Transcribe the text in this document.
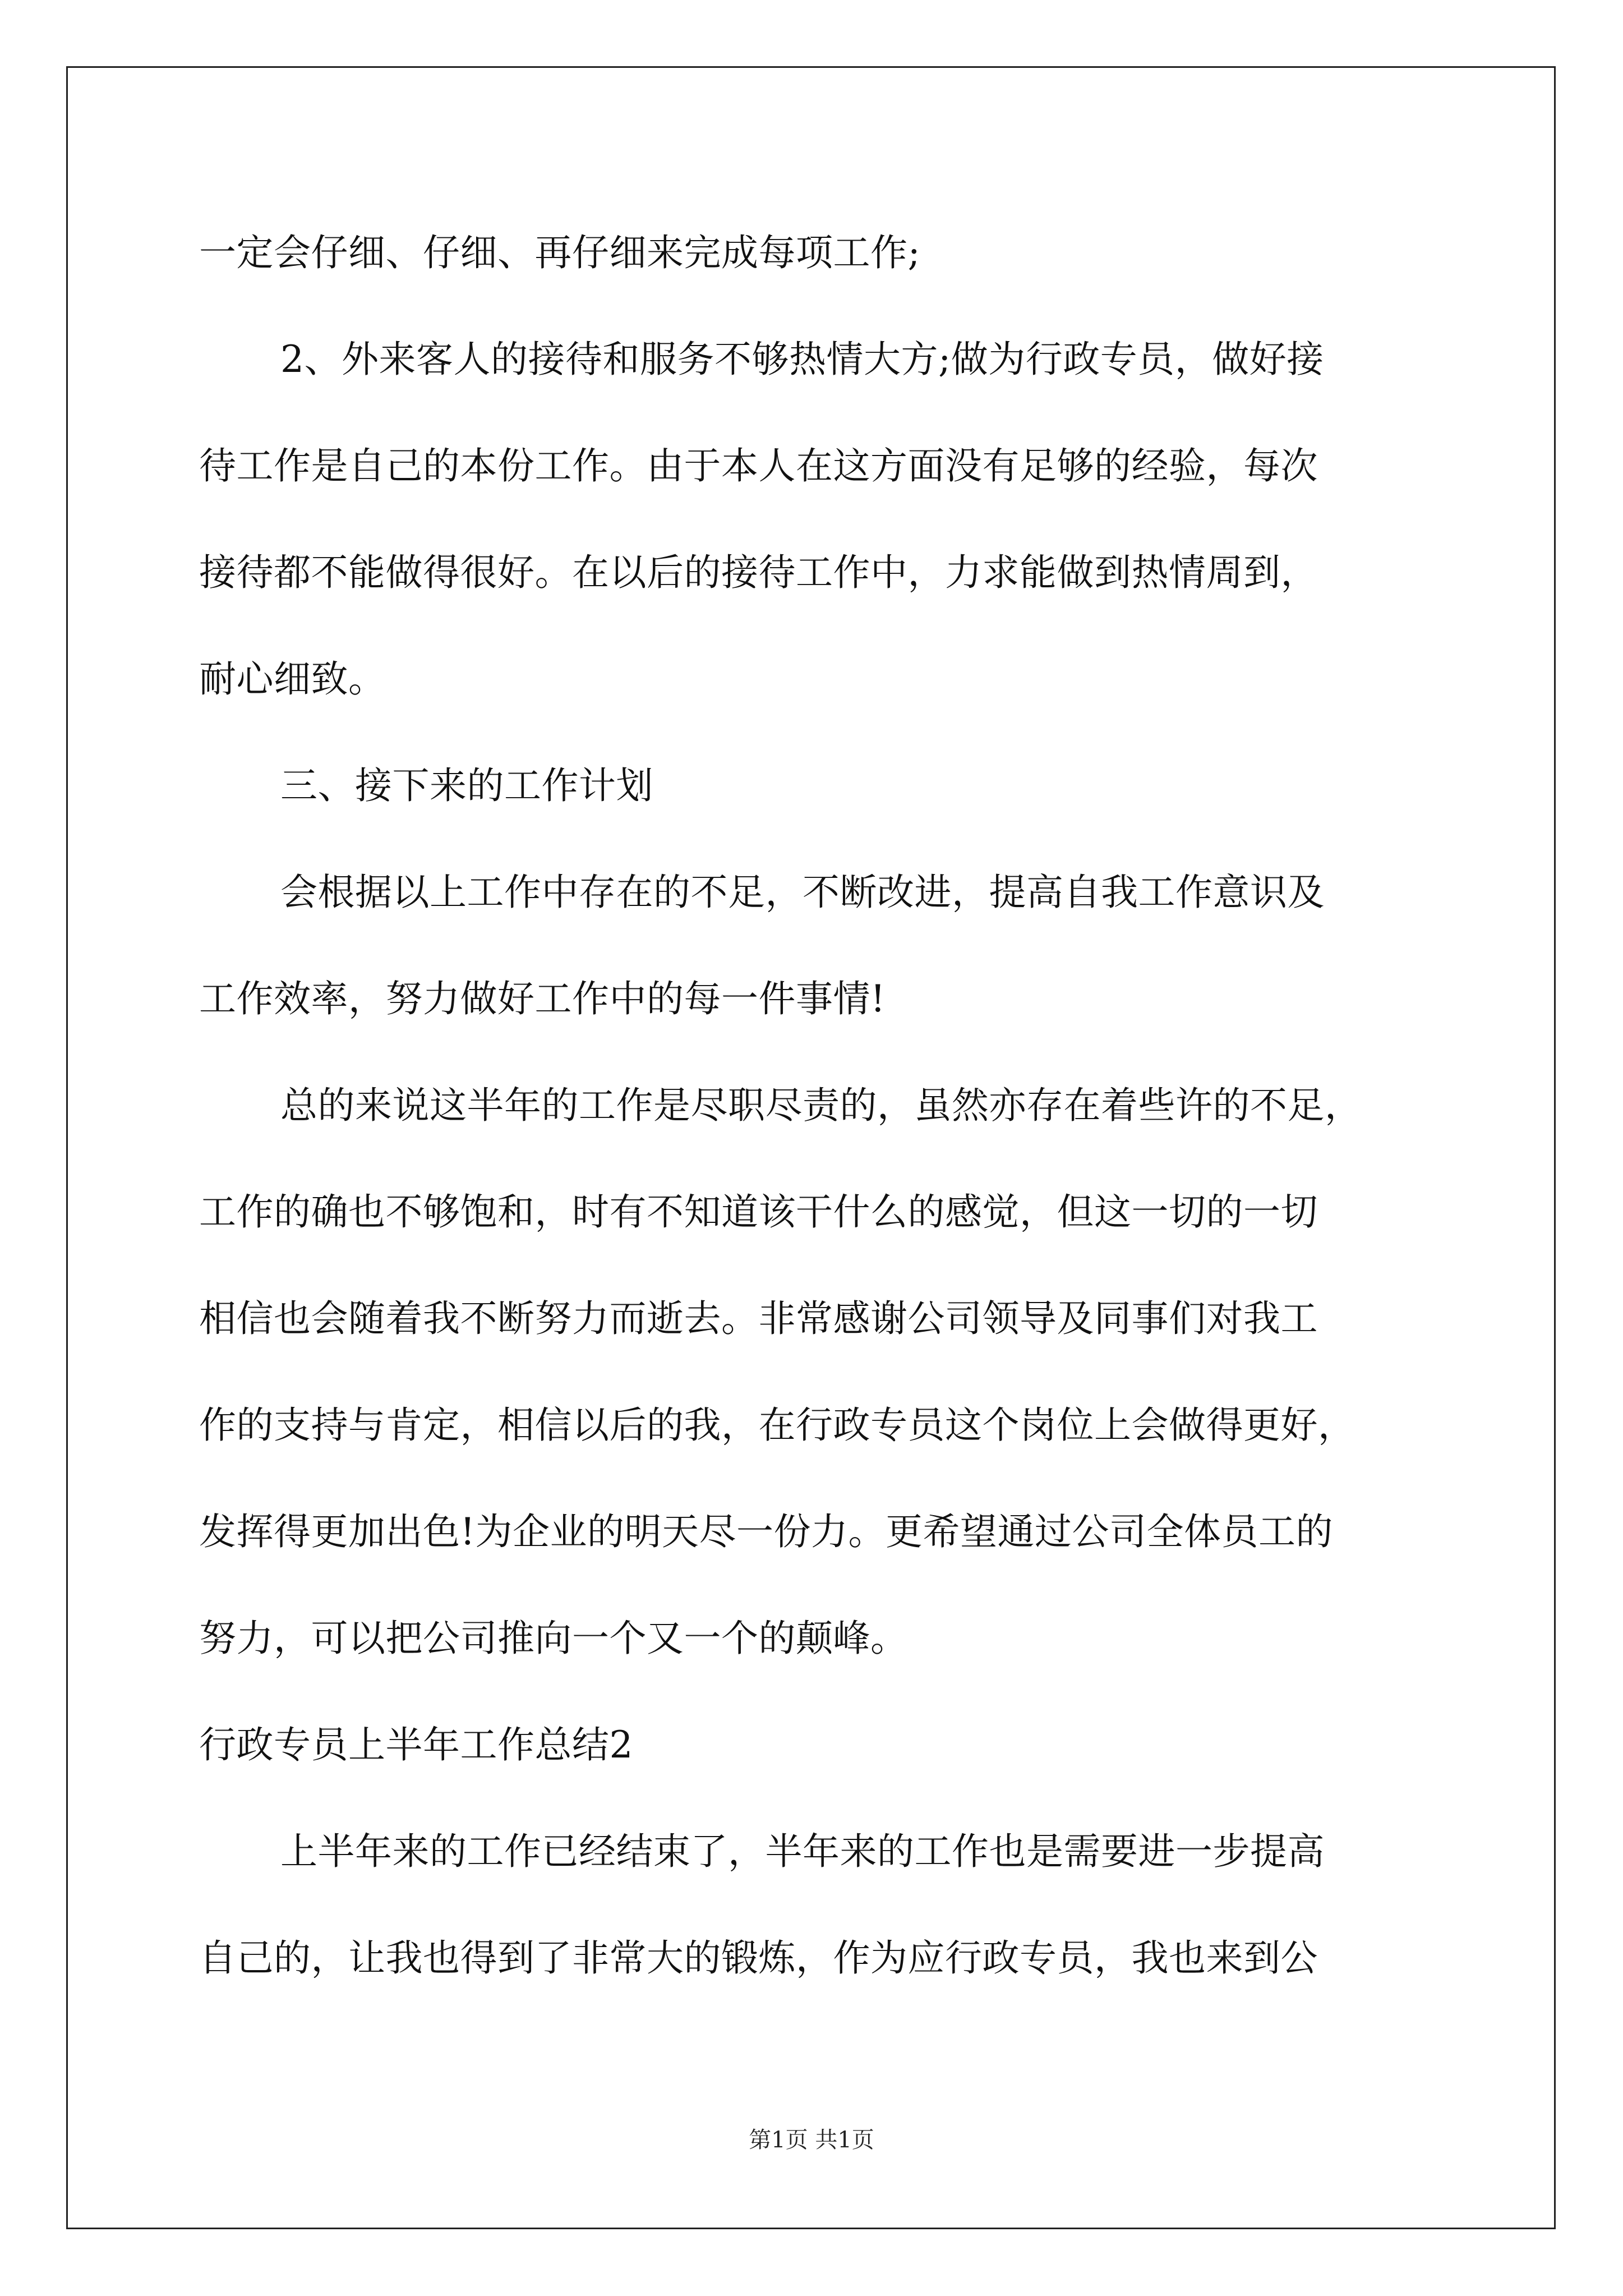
一定会仔细、仔细、再仔细来完成每项工作;
2、外来客人的接待和服务不够热情大方;做为行政专员，做好接
待工作是自己的本份工作。由于本人在这方面没有足够的经验，每次
接待都不能做得很好。在以后的接待工作中，力求能做到热情周到，
耐心细致。
三、接下来的工作计划
会根据以上工作中存在的不足，不断改进，提高自我工作意识及
工作效率，努力做好工作中的每一件事情!
总的来说这半年的工作是尽职尽责的，虽然亦存在着些许的不足，
工作的确也不够饱和，时有不知道该干什么的感觉，但这一切的一切
相信也会随着我不断努力而逝去。非常感谢公司领导及同事们对我工
作的支持与肯定，相信以后的我，在行政专员这个岗位上会做得更好，
发挥得更加出色!为企业的明天尽一份力。更希望通过公司全体员工的
努力，可以把公司推向一个又一个的颠峰。
行政专员上半年工作总结2
上半年来的工作已经结束了，半年来的工作也是需要进一步提高
自己的，让我也得到了非常大的锻炼，作为应行政专员，我也来到公
第1页 共1页
